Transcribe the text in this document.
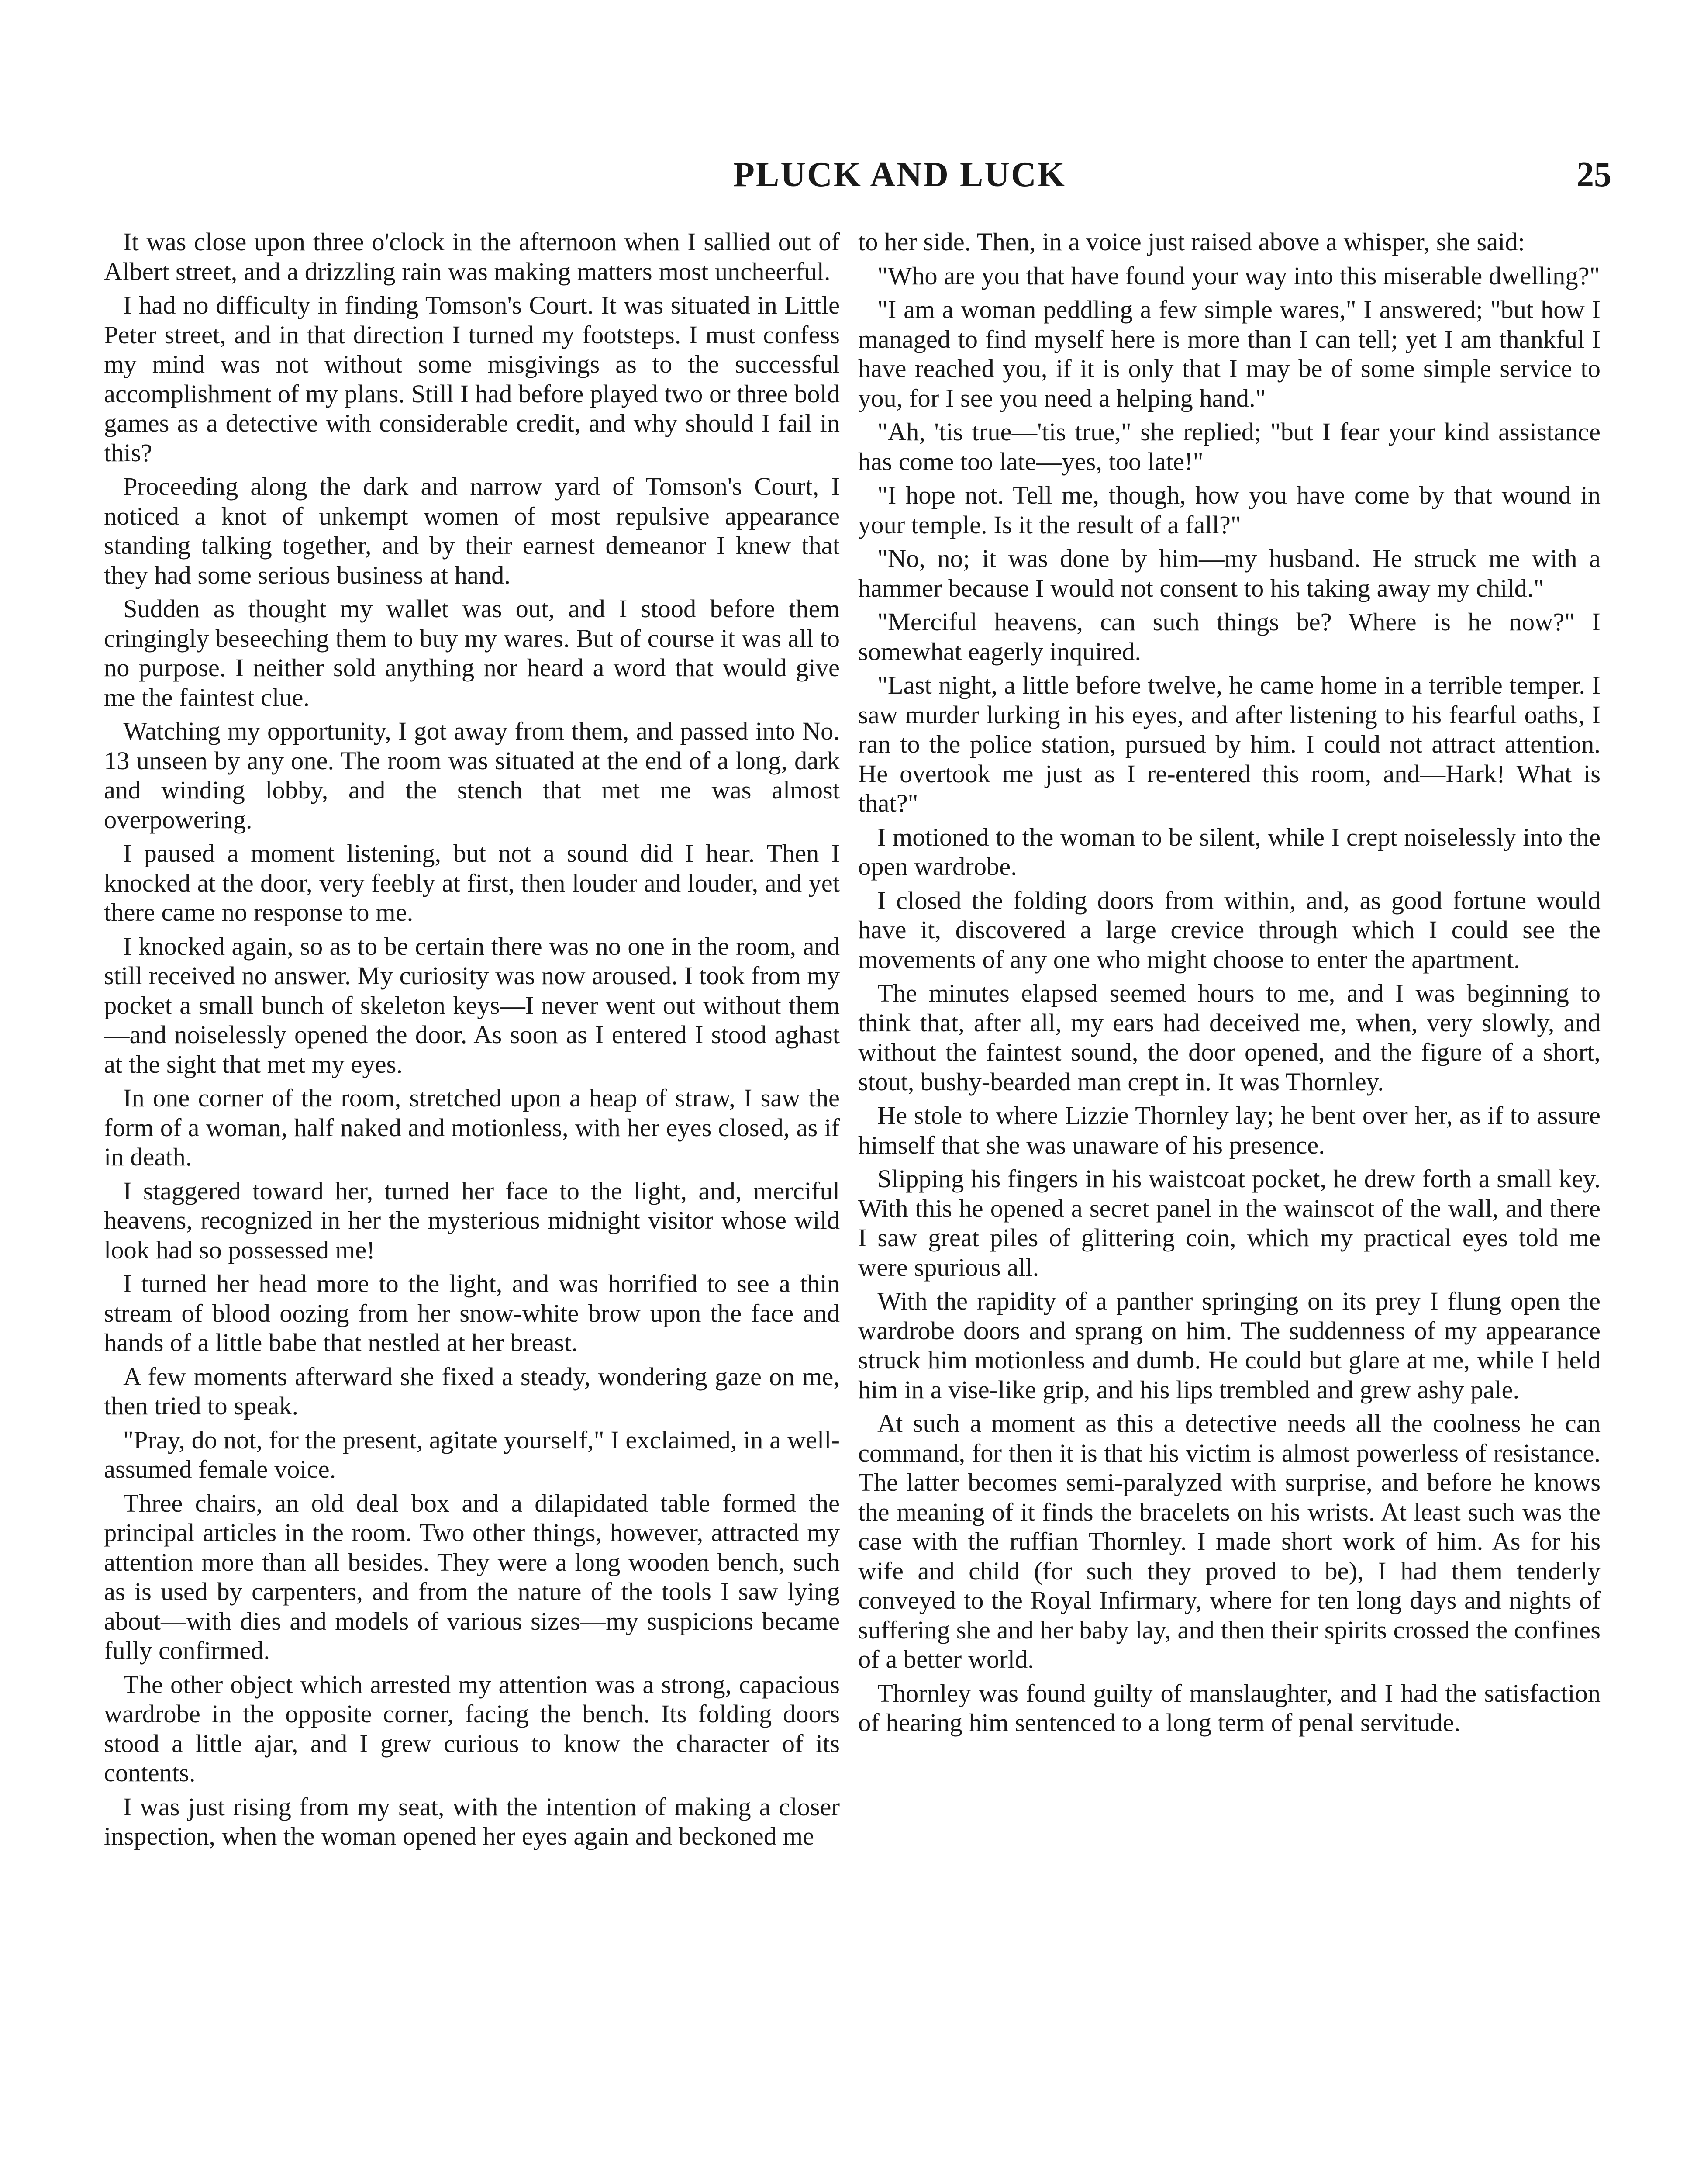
PLUCK AND LUCK	25

It was close upon three o'clock in the afternoon when I sallied out of Albert street, and a drizzling rain was making matters most uncheerful.

I had no difficulty in finding Tomson's Court. It was situated in Little Peter street, and in that direction I turned my footsteps. I must confess my mind was not without some misgivings as to the successful accomplishment of my plans. Still I had before played two or three bold games as a detective with considerable credit, and why should I fail in this?

Proceeding along the dark and narrow yard of Tomson's Court, I noticed a knot of unkempt women of most repulsive appearance standing talking together, and by their earnest demeanor I knew that they had some serious business at hand.

Sudden as thought my wallet was out, and I stood before them cringingly beseeching them to buy my wares. But of course it was all to no purpose. I neither sold anything nor heard a word that would give me the faintest clue.

Watching my opportunity, I got away from them, and passed into No. 13 unseen by any one. The room was situated at the end of a long, dark and winding lobby, and the stench that met me was almost overpowering.

I paused a moment listening, but not a sound did I hear. Then I knocked at the door, very feebly at first, then louder and louder, and yet there came no response to me.

I knocked again, so as to be certain there was no one in the room, and still received no answer. My curiosity was now aroused. I took from my pocket a small bunch of skeleton keys—I never went out without them—and noiselessly opened the door. As soon as I entered I stood aghast at the sight that met my eyes.

In one corner of the room, stretched upon a heap of straw, I saw the form of a woman, half naked and motionless, with her eyes closed, as if in death.

I staggered toward her, turned her face to the light, and, merciful heavens, recognized in her the mysterious midnight visitor whose wild look had so possessed me!

I turned her head more to the light, and was horrified to see a thin stream of blood oozing from her snow-white brow upon the face and hands of a little babe that nestled at her breast.

A few moments afterward she fixed a steady, wondering gaze on me, then tried to speak.

"Pray, do not, for the present, agitate yourself," I exclaimed, in a well-assumed female voice.

Three chairs, an old deal box and a dilapidated table formed the principal articles in the room. Two other things, however, attracted my attention more than all besides. They were a long wooden bench, such as is used by carpenters, and from the nature of the tools I saw lying about—with dies and models of various sizes—my suspicions became fully confirmed.

The other object which arrested my attention was a strong, capacious wardrobe in the opposite corner, facing the bench. Its folding doors stood a little ajar, and I grew curious to know the character of its contents.

I was just rising from my seat, with the intention of making a closer inspection, when the woman opened her eyes again and beckoned me

to her side. Then, in a voice just raised above a whisper, she said:

"Who are you that have found your way into this miserable dwelling?"

"I am a woman peddling a few simple wares," I answered; "but how I managed to find myself here is more than I can tell; yet I am thankful I have reached you, if it is only that I may be of some simple service to you, for I see you need a helping hand."

"Ah, 'tis true—'tis true," she replied; "but I fear your kind assistance has come too late—yes, too late!"

"I hope not. Tell me, though, how you have come by that wound in your temple. Is it the result of a fall?"

"No, no; it was done by him—my husband. He struck me with a hammer because I would not consent to his taking away my child."

"Merciful heavens, can such things be? Where is he now?" I somewhat eagerly inquired.

"Last night, a little before twelve, he came home in a terrible temper. I saw murder lurking in his eyes, and after listening to his fearful oaths, I ran to the police station, pursued by him. I could not attract attention. He overtook me just as I re-entered this room, and—Hark! What is that?"

I motioned to the woman to be silent, while I crept noiselessly into the open wardrobe.

I closed the folding doors from within, and, as good fortune would have it, discovered a large crevice through which I could see the movements of any one who might choose to enter the apartment.

The minutes elapsed seemed hours to me, and I was beginning to think that, after all, my ears had deceived me, when, very slowly, and without the faintest sound, the door opened, and the figure of a short, stout, bushy-bearded man crept in. It was Thornley.

He stole to where Lizzie Thornley lay; he bent over her, as if to assure himself that she was unaware of his presence.

Slipping his fingers in his waistcoat pocket, he drew forth a small key. With this he opened a secret panel in the wainscot of the wall, and there I saw great piles of glittering coin, which my practical eyes told me were spurious all.

With the rapidity of a panther springing on its prey I flung open the wardrobe doors and sprang on him. The suddenness of my appearance struck him motionless and dumb. He could but glare at me, while I held him in a vise-like grip, and his lips trembled and grew ashy pale.

At such a moment as this a detective needs all the coolness he can command, for then it is that his victim is almost powerless of resistance. The latter becomes semi-paralyzed with surprise, and before he knows the meaning of it finds the bracelets on his wrists. At least such was the case with the ruffian Thornley. I made short work of him. As for his wife and child (for such they proved to be), I had them tenderly conveyed to the Royal Infirmary, where for ten long days and nights of suffering she and her baby lay, and then their spirits crossed the confines of a better world.

Thornley was found guilty of manslaughter, and I had the satisfaction of hearing him sentenced to a long term of penal servitude.
